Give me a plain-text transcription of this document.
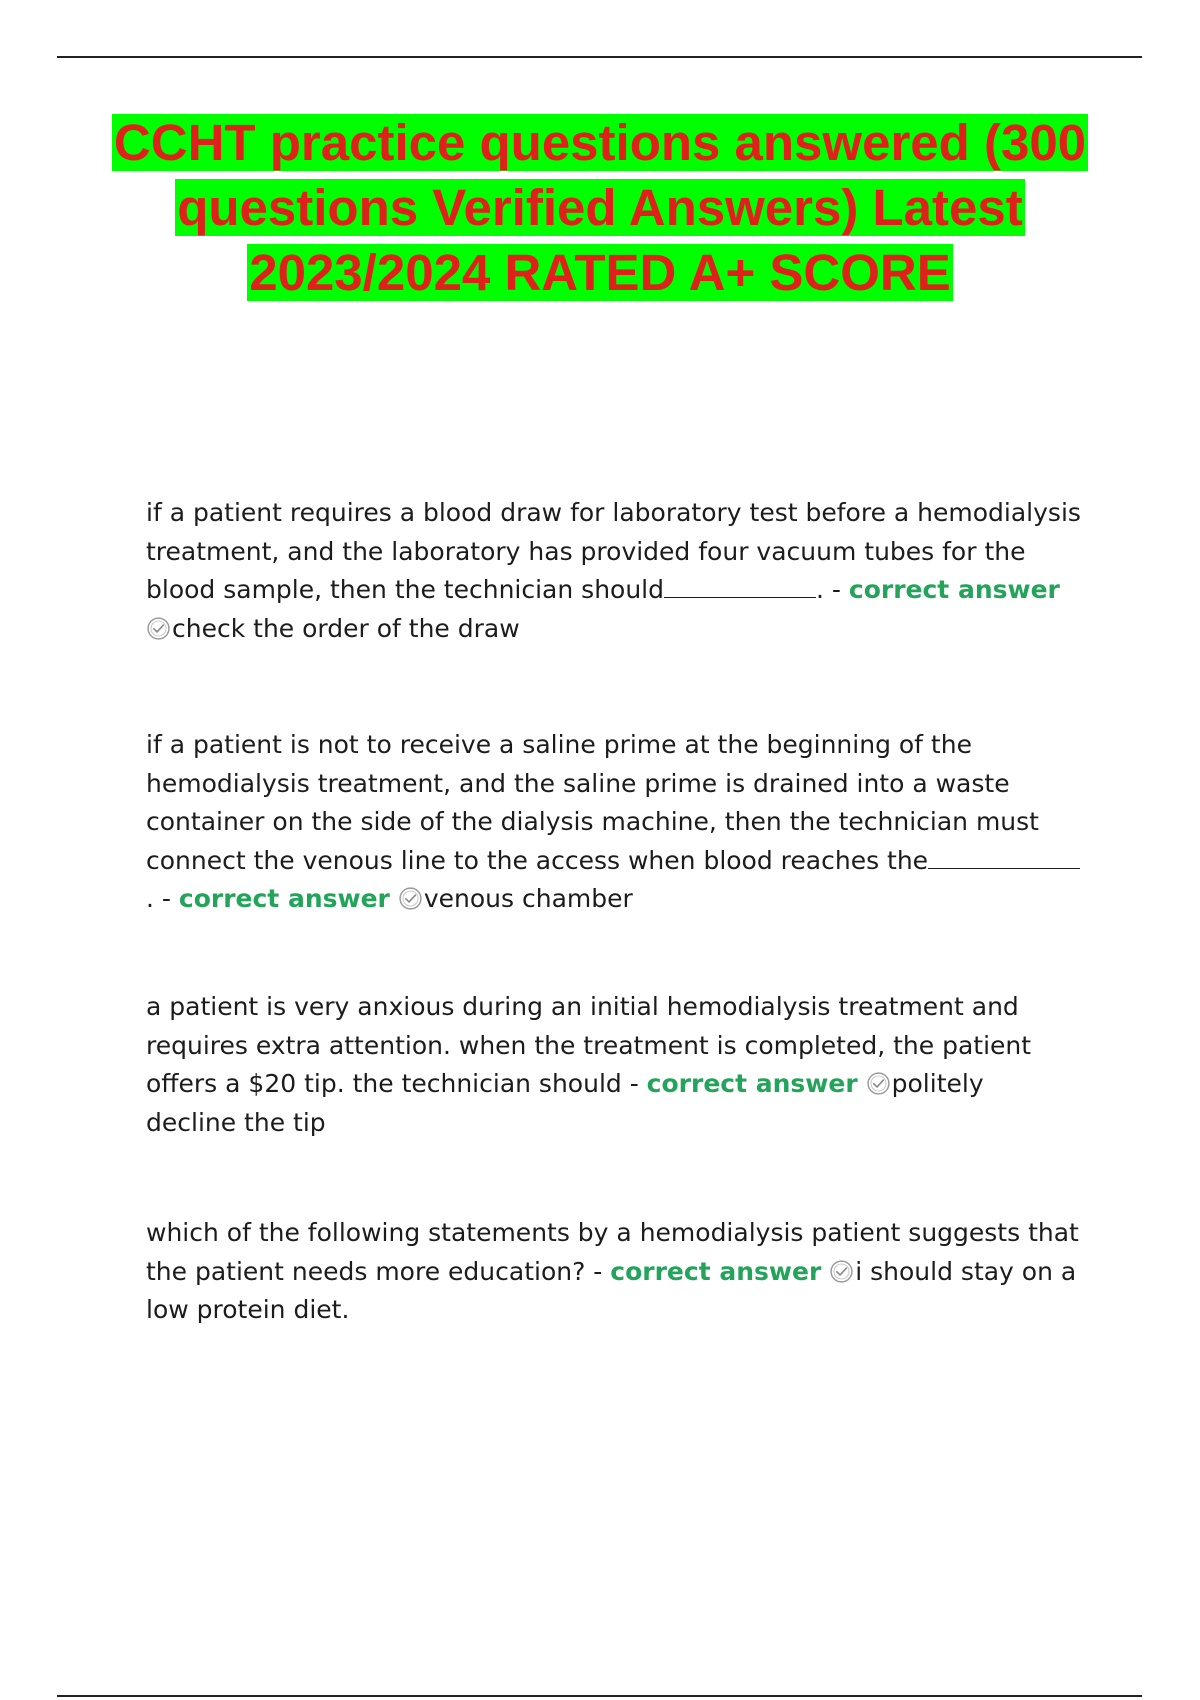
CCHT practice questions answered (300 questions Verified Answers) Latest 2023/2024 RATED A+ SCORE

if a patient requires a blood draw for laboratory test before a hemodialysis treatment, and the laboratory has provided four vacuum tubes for the blood sample, then the technician should	. - correct answer
check the order of the draw

if a patient is not to receive a saline prime at the beginning of the hemodialysis treatment, and the saline prime is drained into a waste container on the side of the dialysis machine, then the technician must connect the venous line to the access when blood reaches the. - correct answer venous chamber

a patient is very anxious during an initial hemodialysis treatment and requires extra attention. when the treatment is completed, the patient offers a $20 tip. the technician should - correct answer politely decline the tip

which of the following statements by a hemodialysis patient suggests that the patient needs more education? - correct answer i should stay on a low protein diet.
